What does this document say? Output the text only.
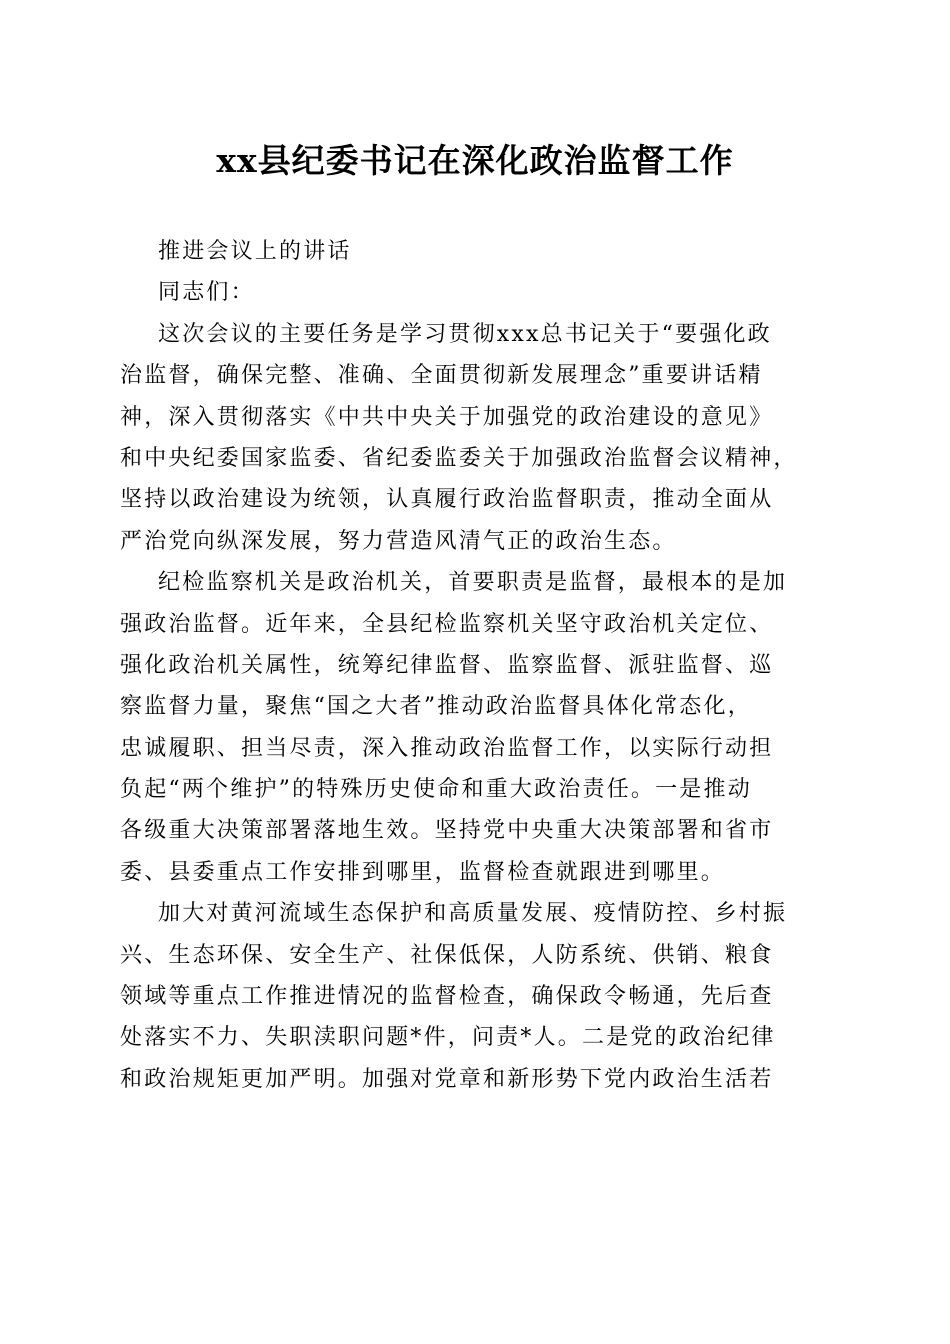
xx县纪委书记在深化政治监督工作
推进会议上的讲话
同志们：
这次会议的主要任务是学习贯彻xxx总书记关于“要强化政
治监督，确保完整、准确、全面贯彻新发展理念”重要讲话精
神，深入贯彻落实《中共中央关于加强党的政治建设的意见》
和中央纪委国家监委、省纪委监委关于加强政治监督会议精神，
坚持以政治建设为统领，认真履行政治监督职责，推动全面从
严治党向纵深发展，努力营造风清气正的政治生态。
纪检监察机关是政治机关，首要职责是监督，最根本的是加
强政治监督。近年来，全县纪检监察机关坚守政治机关定位、
强化政治机关属性，统筹纪律监督、监察监督、派驻监督、巡
察监督力量，聚焦“国之大者”推动政治监督具体化常态化，
忠诚履职、担当尽责，深入推动政治监督工作，以实际行动担
负起“两个维护”的特殊历史使命和重大政治责任。一是推动
各级重大决策部署落地生效。坚持党中央重大决策部署和省市
委、县委重点工作安排到哪里，监督检查就跟进到哪里。
加大对黄河流域生态保护和高质量发展、疫情防控、乡村振
兴、生态环保、安全生产、社保低保，人防系统、供销、粮食
领域等重点工作推进情况的监督检查，确保政令畅通，先后查
处落实不力、失职渎职问题*件，问责*人。二是党的政治纪律
和政治规矩更加严明。加强对党章和新形势下党内政治生活若
